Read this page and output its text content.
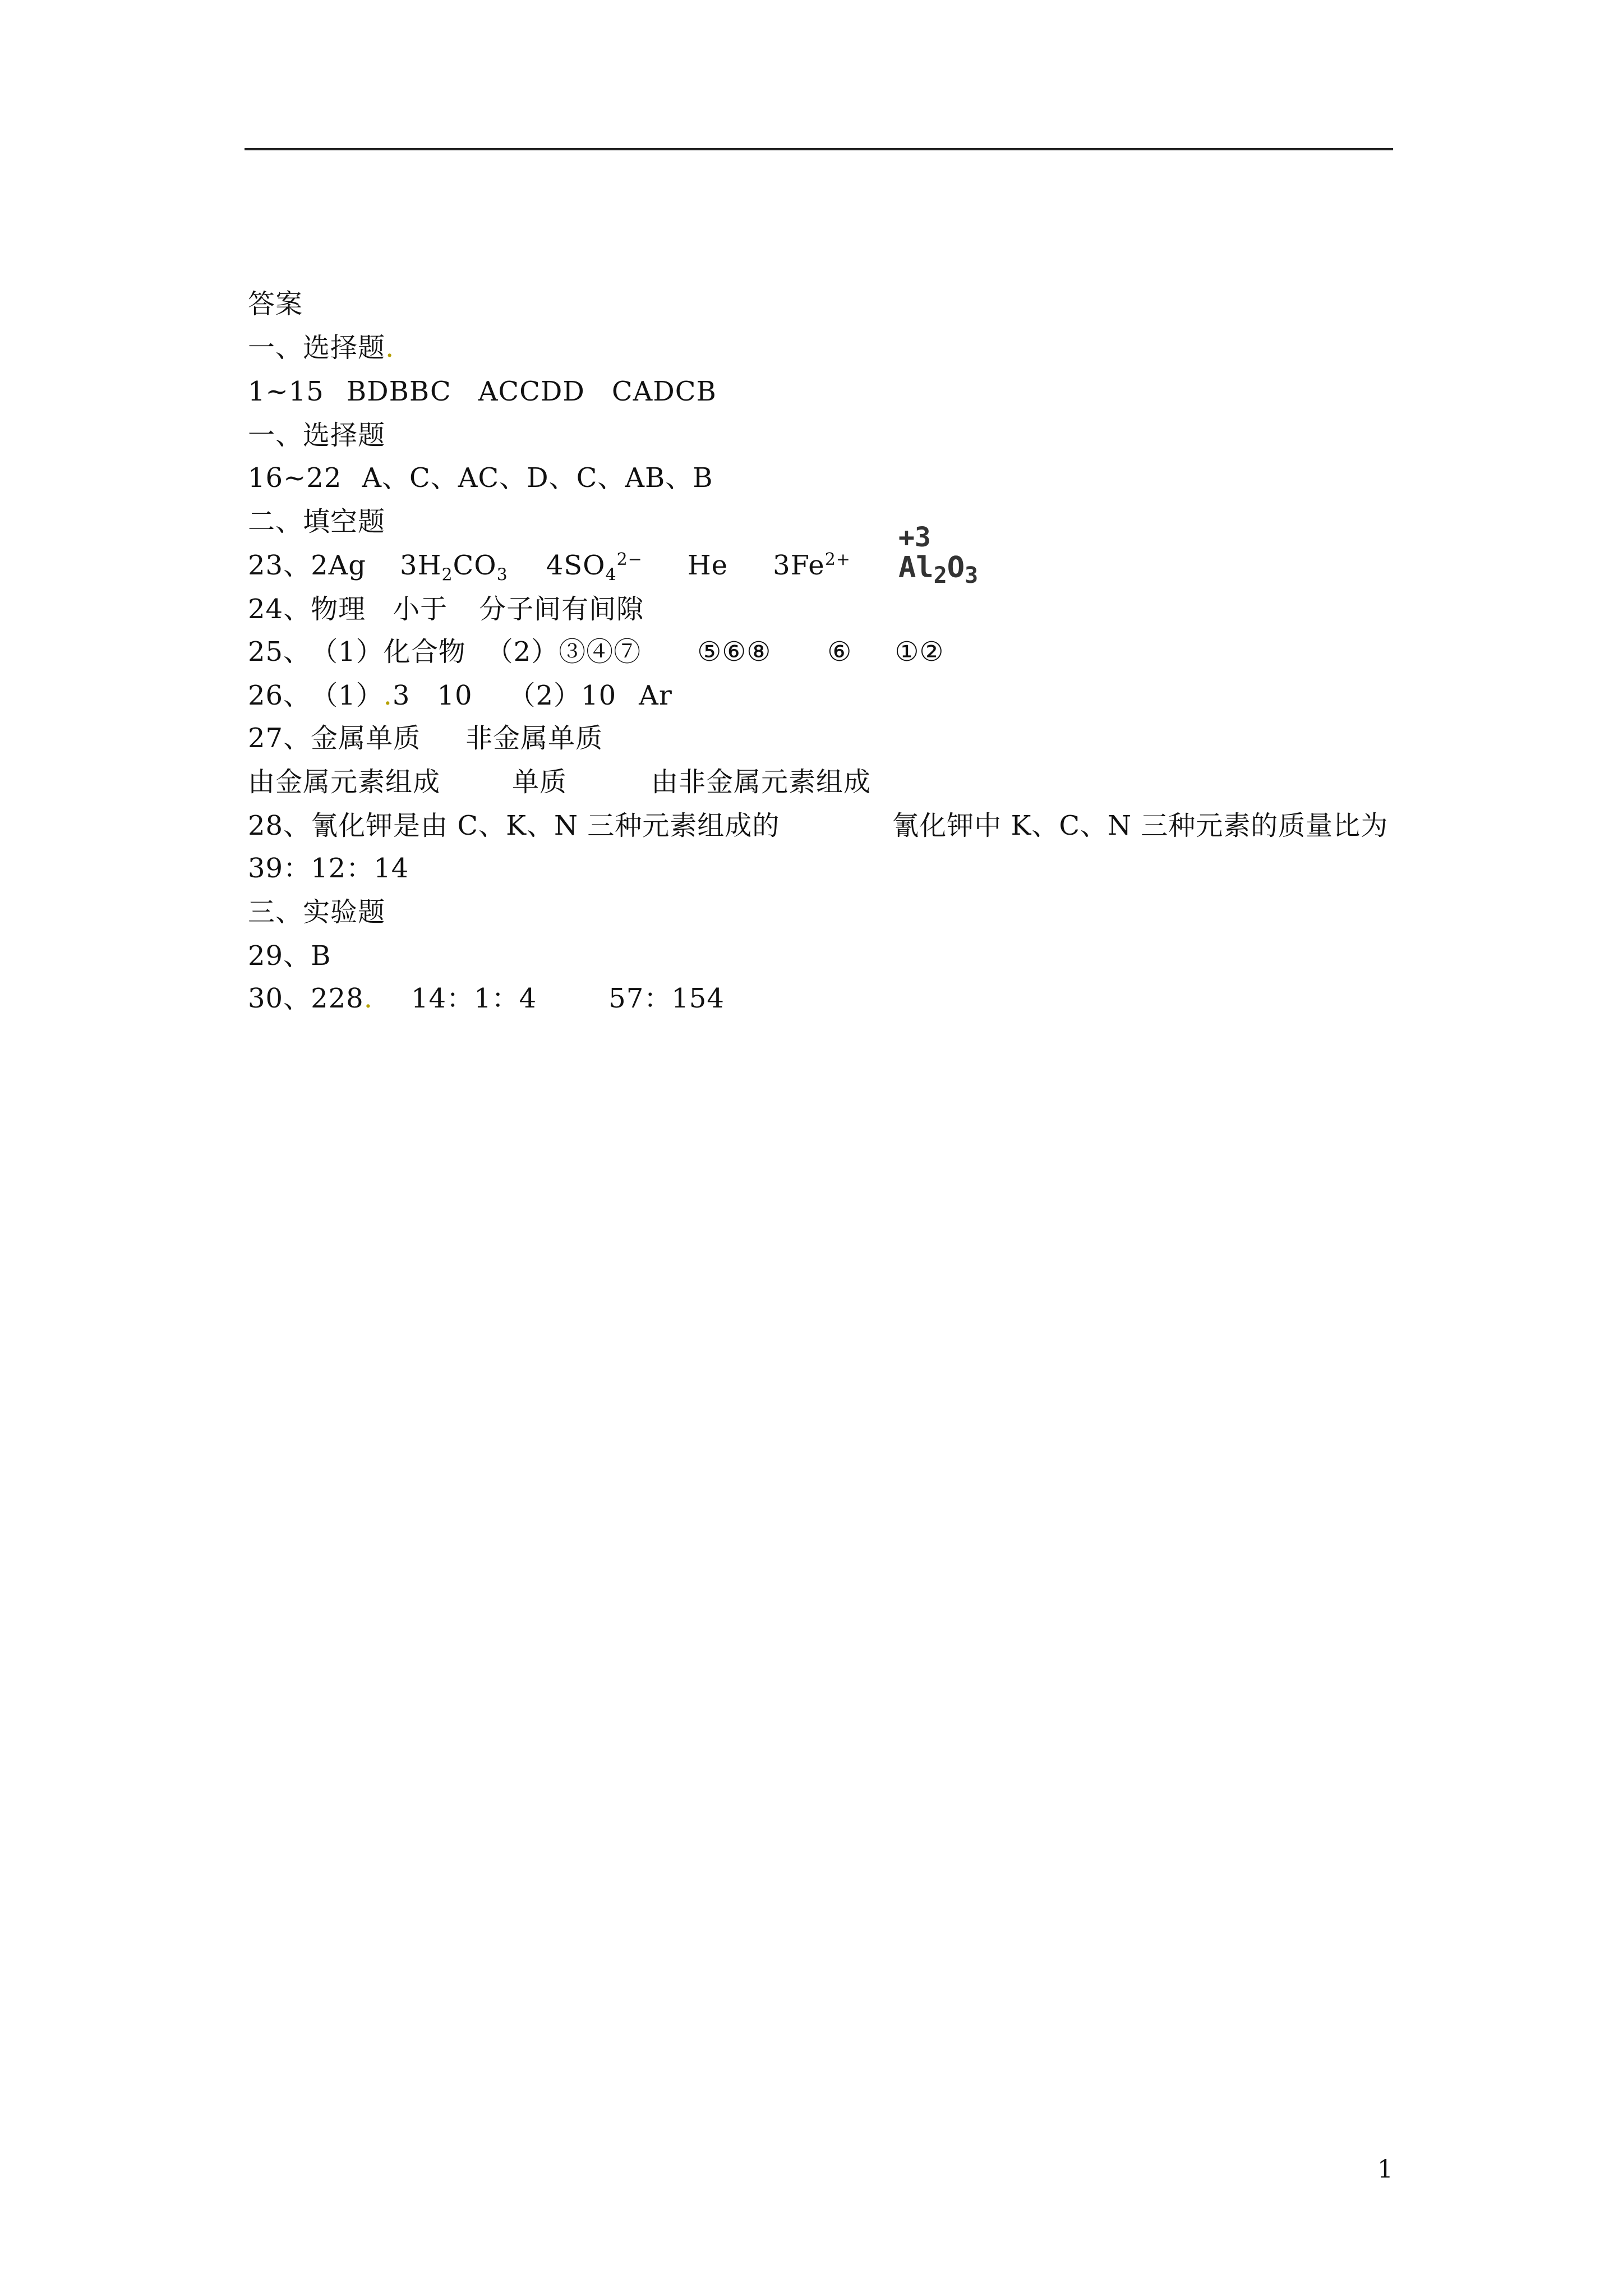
答案
一、选择题.
1~15 BDBBC ACCDD CADCB
一、选择题
16~22 A、C、AC、D、C、AB、B
二、填空题
23、2Ag $3H_2CO_3$ $4SO_4^{2-}$ He $3Fe^{2+}$
+3
$Al_2O_3$
24、物理 小于 分子间有间隙
25、（1）化合物 （2）③④⑦ ⑤⑥⑧ ⑥ ①②
26、（1）.3 10 （2）10 Ar
27、金属单质 非金属单质
由金属元素组成	单质	由非金属元素组成
28、氰化钾是由 C、K、N 三种元素组成的	氰化钾中 K、C、N 三种元素的质量比为
39：12：14
三、实验题
29、B
30、228. 14：1：4	57：154
1
